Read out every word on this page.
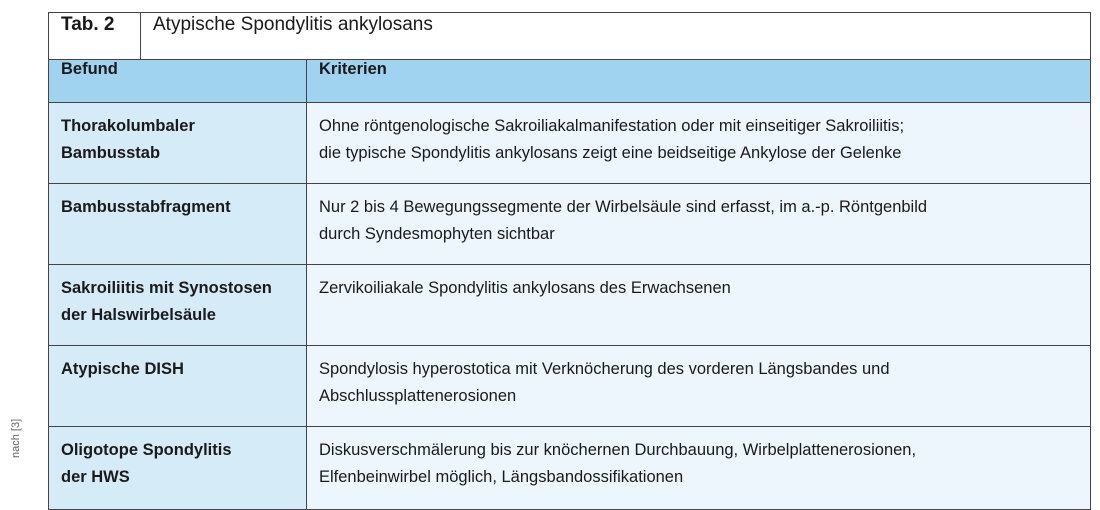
nach [3]
Tab. 2	Atypische Spondylitis ankylosans	
Befund		Kriterien

Thorakolumbaler
Bambusstab		Ohne röntgenologische Sakroiliakalmanifestation oder mit einseitiger Sakroiliitis;
die typische Spondylitis ankylosans zeigt eine beidseitige Ankylose der Gelenke

Bambusstabfragment		Nur 2 bis 4 Bewegungssegmente der Wirbelsäule sind erfasst, im a.-p. Röntgenbild
durch Syndesmophyten sichtbar

Sakroiliitis mit Synostosen
der Halswirbelsäule		Zervikoiliakale Spondylitis ankylosans des Erwachsenen

Atypische DISH		Spondylosis hyperostotica mit Verknöcherung des vorderen Längsbandes und
Abschlussplattenerosionen

Oligotope Spondylitis
der HWS		Diskusverschmälerung bis zur knöchernen Durchbauung, Wirbelplattenerosionen,
Elfenbeinwirbel möglich, Längsbandossifikationen
